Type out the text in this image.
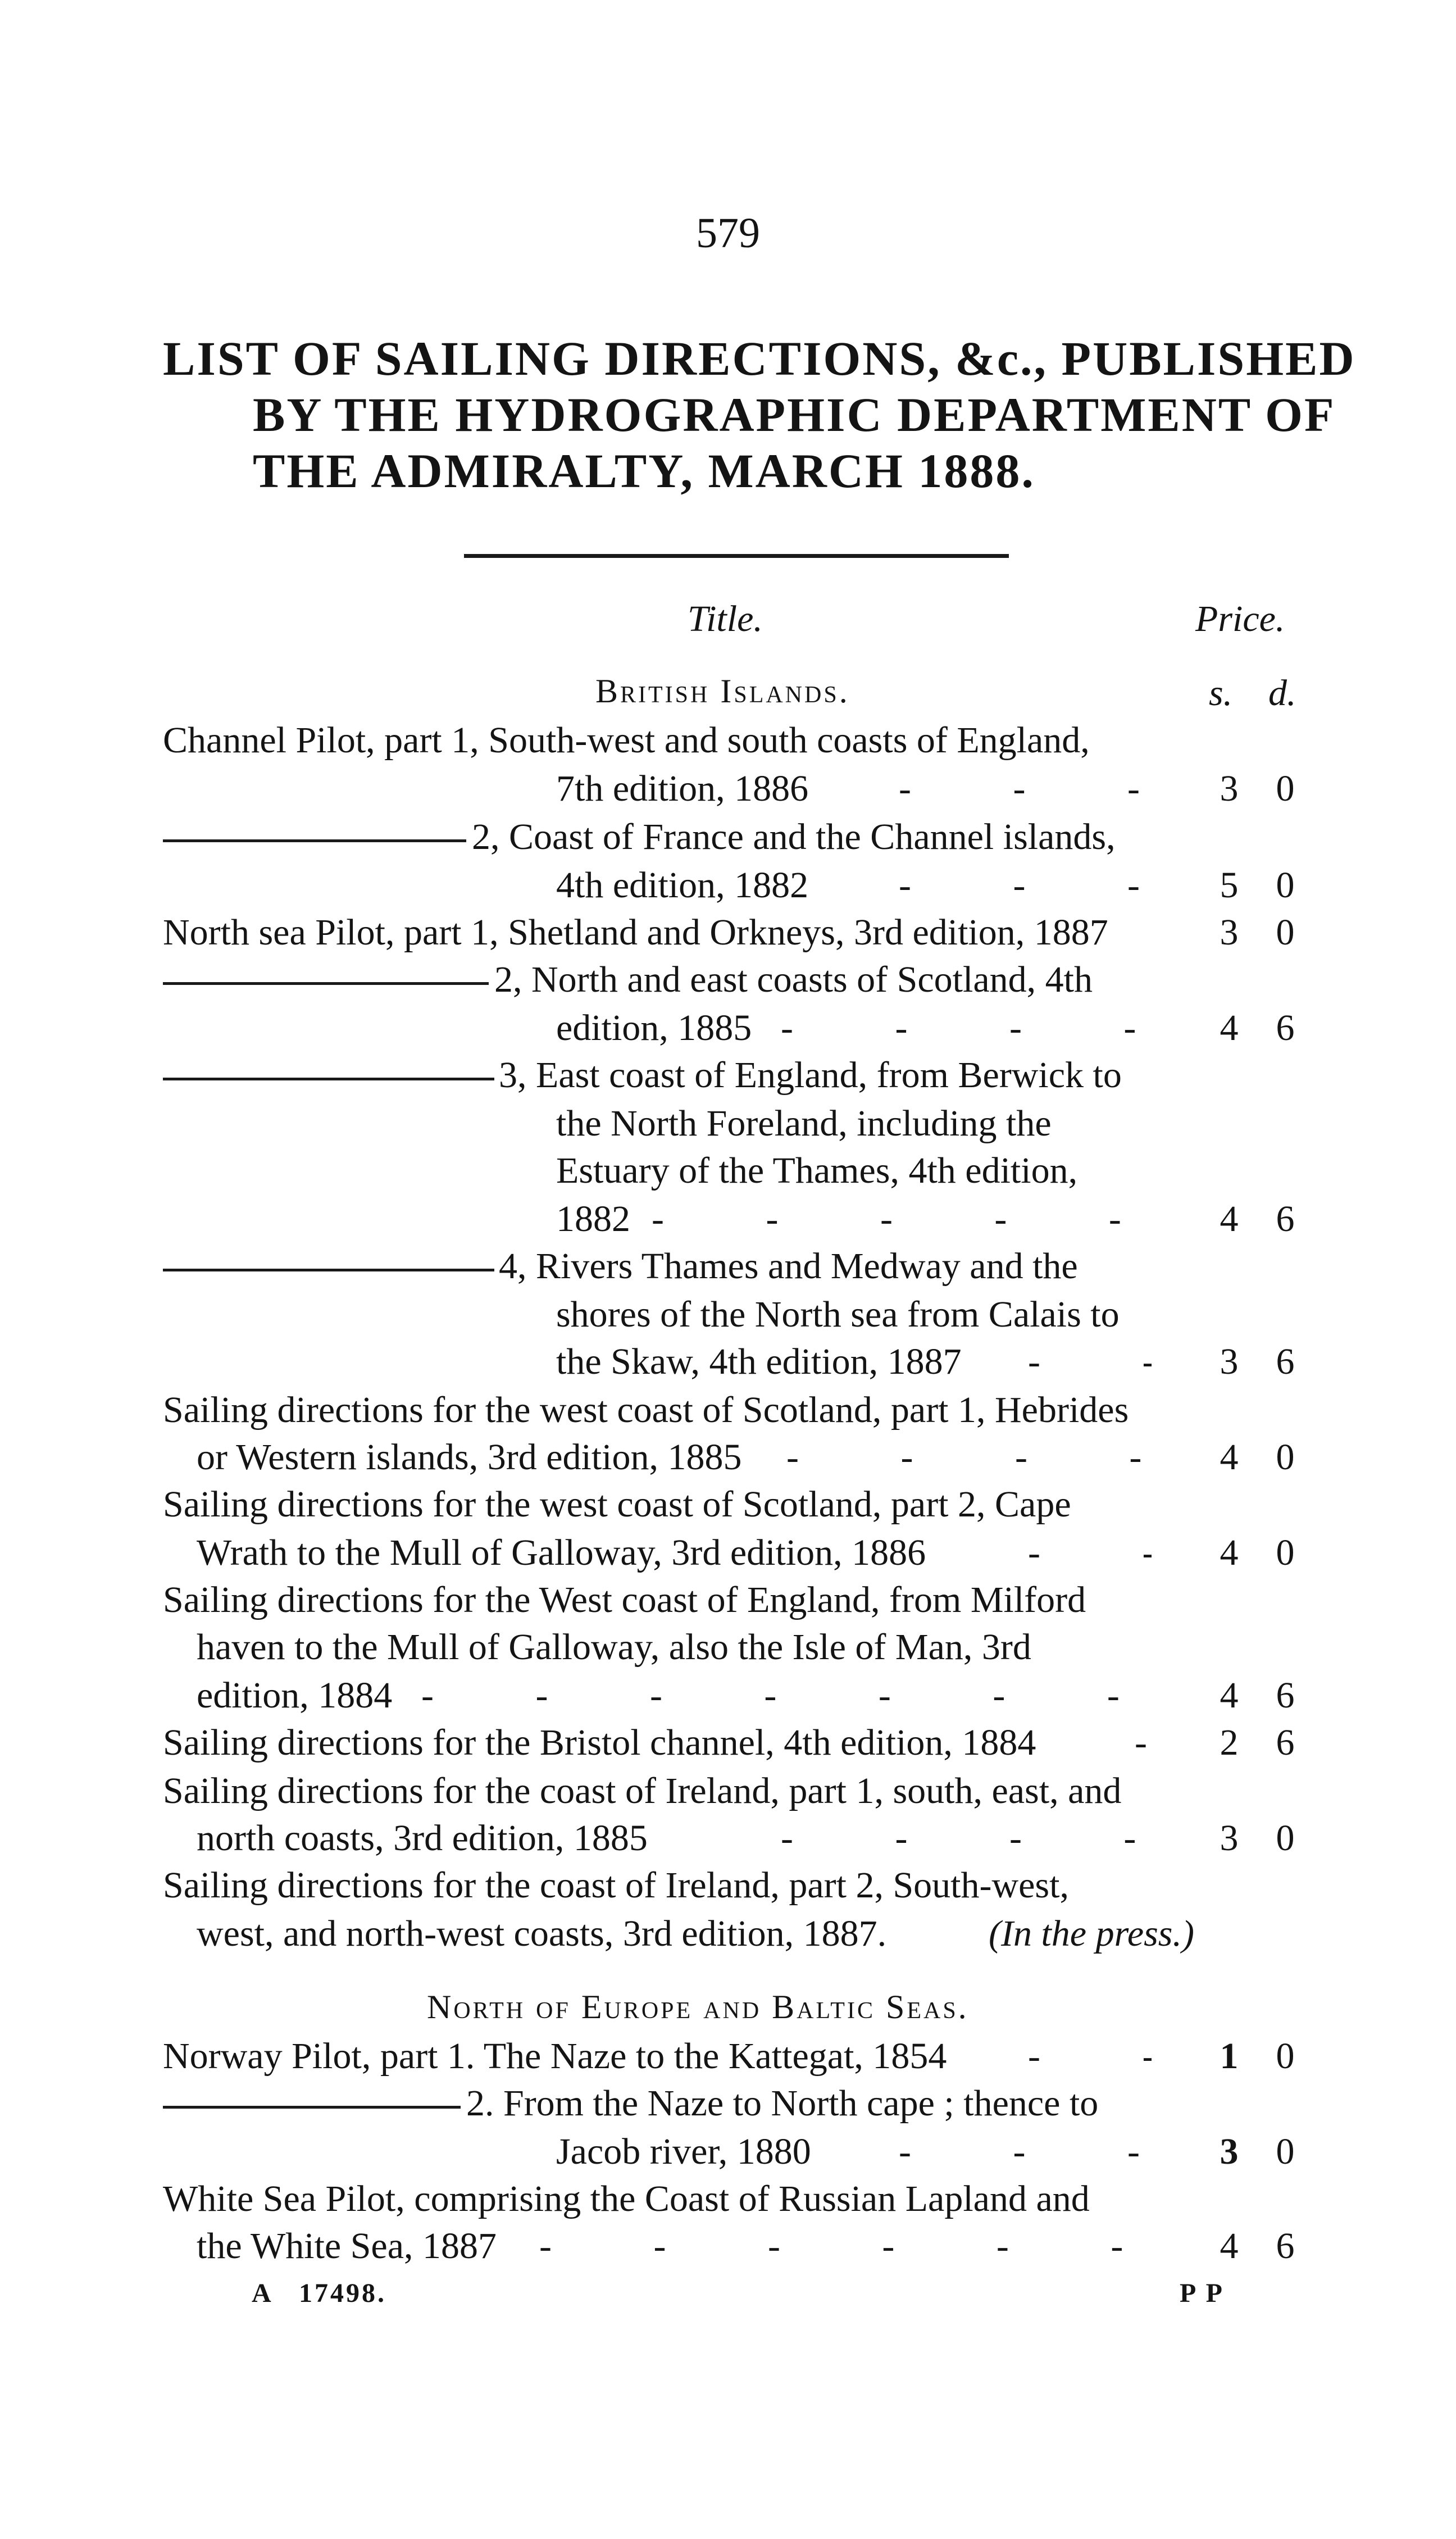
579
LIST OF SAILING DIRECTIONS, &c., PUBLISHED
BY THE HYDROGRAPHIC DEPARTMENT OF
THE ADMIRALTY, MARCH 1888.
Title.	Price.
British Islands.	s. d.
Channel Pilot, part 1, South-west and south coasts of England,
7th edition, 1886 -	3 0
2, Coast of France and the Channel islands,
4th edition, 1882 -	5 0
North sea Pilot, part 1, Shetland and Orkneys, 3rd edition, 1887	3 0
2, North and east coasts of Scotland, 4th
edition, 1885 -	4 6
3, East coast of England, from Berwick to
the North Foreland, including the
Estuary of the Thames, 4th edition,
1882 -	4 6
4, Rivers Thames and Medway and the
shores of the North sea from Calais to
the Skaw, 4th edition, 1887 -	3 6
Sailing directions for the west coast of Scotland, part 1, Hebrides
or Western islands, 3rd edition, 1885 -	4 0
Sailing directions for the west coast of Scotland, part 2, Cape
Wrath to the Mull of Galloway, 3rd edition, 1886 -	4 0
Sailing directions for the West coast of England, from Milford
haven to the Mull of Galloway, also the Isle of Man, 3rd
edition, 1884 -	4 6
Sailing directions for the Bristol channel, 4th edition, 1884 -	2 6
Sailing directions for the coast of Ireland, part 1, south, east, and
north coasts, 3rd edition, 1885 -	3 0
Sailing directions for the coast of Ireland, part 2, South-west,
west, and north-west coasts, 3rd edition, 1887.	(In the press.)
North of Europe and Baltic Seas.
Norway Pilot, part 1. The Naze to the Kattegat, 1854 -	1 0
2. From the Naze to North cape ; thence to
Jacob river, 1880 -	3 0
White Sea Pilot, comprising the Coast of Russian Lapland and
the White Sea, 1887 -	4 6
A   17498.	P P
